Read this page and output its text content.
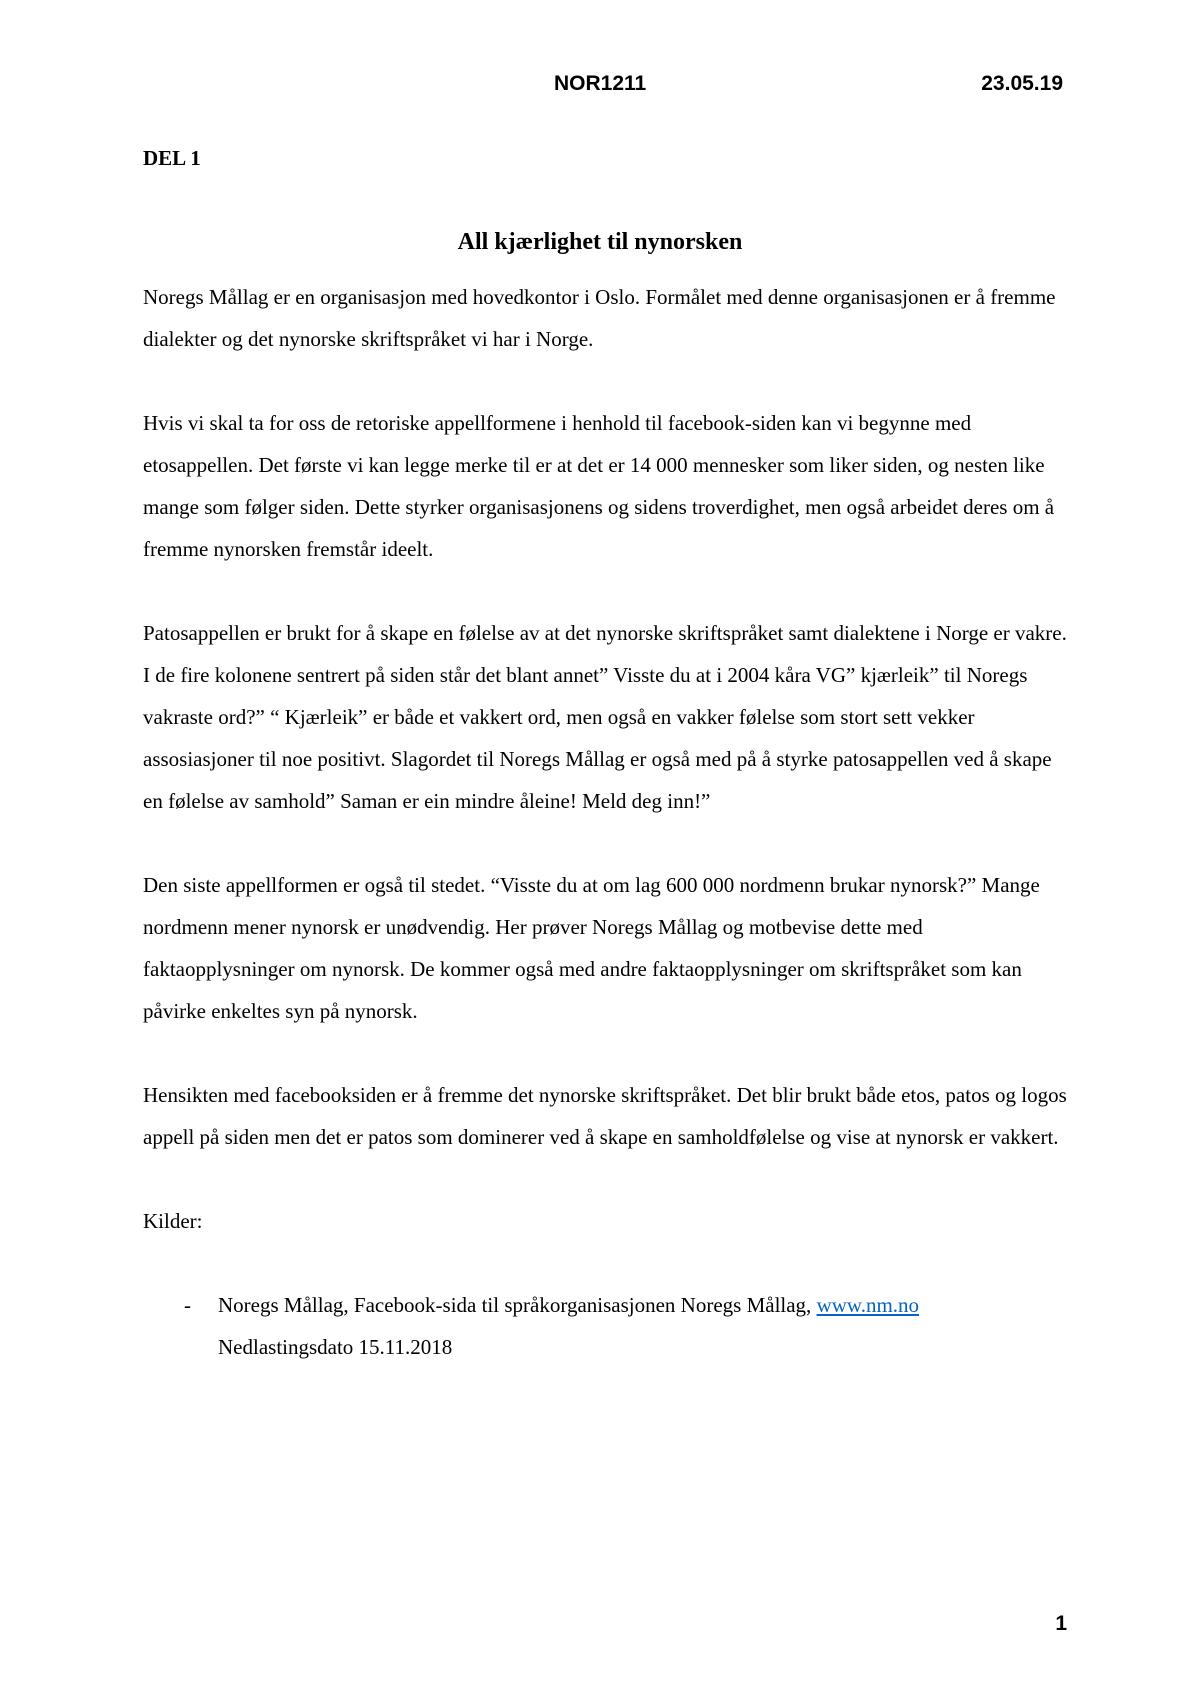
NOR1211	23.05.19
DEL 1
All kjærlighet til nynorsken

Noregs Mållag er en organisasjon med hovedkontor i Oslo. Formålet med denne organisasjonen er å fremme dialekter og det nynorske skriftspråket vi har i Norge.

Hvis vi skal ta for oss de retoriske appellformene i henhold til facebook-siden kan vi begynne med etosappellen. Det første vi kan legge merke til er at det er 14 000 mennesker som liker siden, og nesten like mange som følger siden. Dette styrker organisasjonens og sidens troverdighet, men også arbeidet deres om å fremme nynorsken fremstår ideelt.

Patosappellen er brukt for å skape en følelse av at det nynorske skriftspråket samt dialektene i Norge er vakre. I de fire kolonene sentrert på siden står det blant annet” Visste du at i 2004 kåra VG” kjærleik” til Noregs vakraste ord?” “ Kjærleik” er både et vakkert ord, men også en vakker følelse som stort sett vekker assosiasjoner til noe positivt. Slagordet til Noregs Mållag er også med på å styrke patosappellen ved å skape en følelse av samhold” Saman er ein mindre åleine! Meld deg inn!”

Den siste appellformen er også til stedet. “Visste du at om lag 600 000 nordmenn brukar nynorsk?” Mange nordmenn mener nynorsk er unødvendig. Her prøver Noregs Mållag og motbevise dette med faktaopplysninger om nynorsk. De kommer også med andre faktaopplysninger om skriftspråket som kan påvirke enkeltes syn på nynorsk.

Hensikten med facebooksiden er å fremme det nynorske skriftspråket. Det blir brukt både etos, patos og logos appell på siden men det er patos som dominerer ved å skape en samholdfølelse og vise at nynorsk er vakkert.

Kilder:

- Noregs Mållag, Facebook-sida til språkorganisasjonen Noregs Mållag, www.nm.no
Nedlastingsdato 15.11.2018
1
